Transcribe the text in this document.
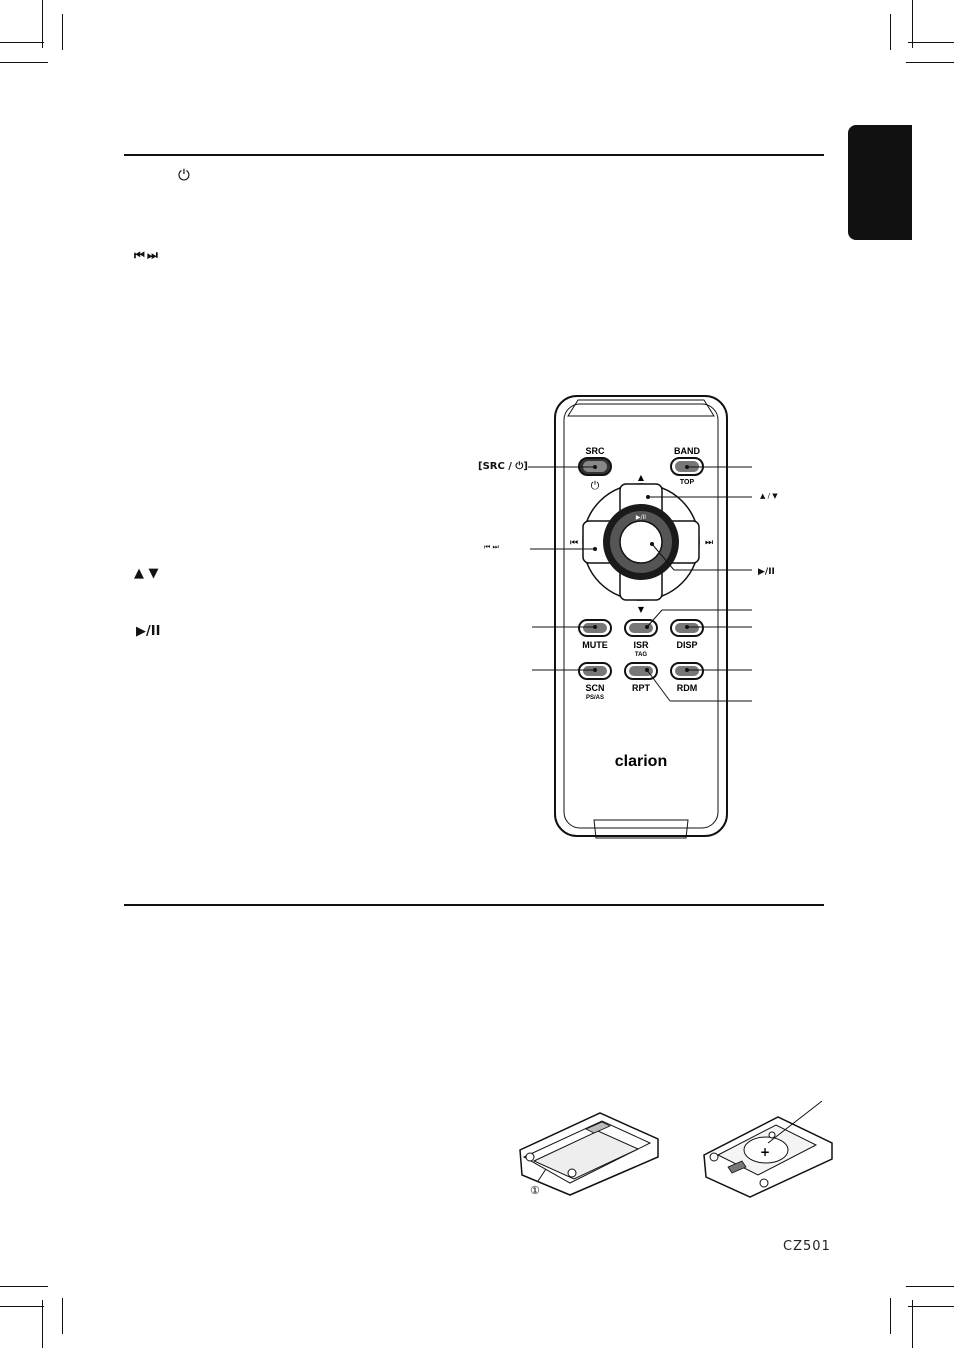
⏻
⏮ ⏭
▲ ▼
▶/II
[SRC / ⏻]
⏮ ⏭
▲ / ▼
▶/II
SRC
⏻
BAND
TOP
▲
▼
⏮	⏭
▶/II
MUTE	ISR
TAG
DISP
SCN
PS/AS
RPT	RDM
clarion
①
+
CZ501
